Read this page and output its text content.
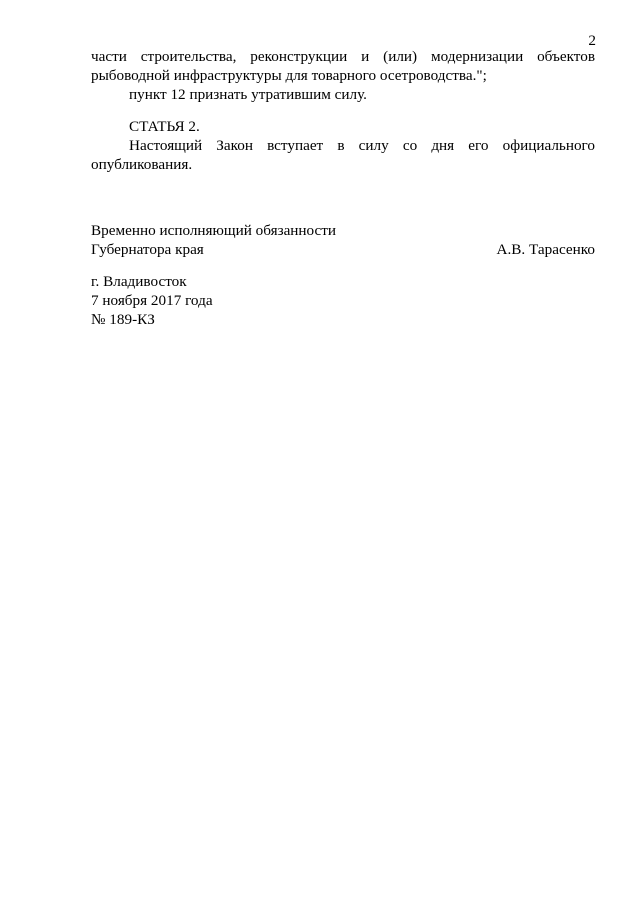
2

части строительства, реконструкции и (или) модернизации объектов рыбоводной инфраструктуры для товарного осетроводства.";

пункт 12 признать утратившим силу.

СТАТЬЯ 2.

Настоящий Закон вступает в силу со дня его официального опубликования.

Временно исполняющий обязанности

Губернатора края	А.В. Тарасенко

г. Владивосток

7 ноября 2017 года

№ 189-КЗ
